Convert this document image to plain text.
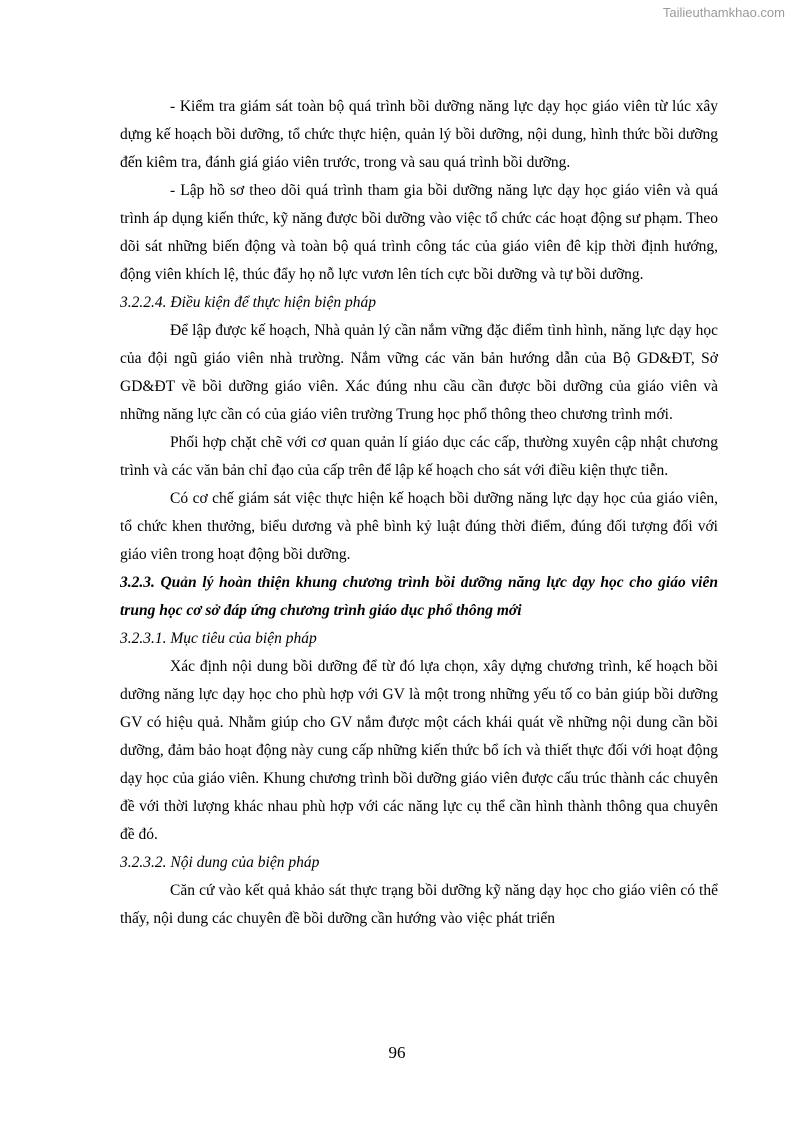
Tailieuthamkhao.com

- Kiểm tra giám sát toàn bộ quá trình bồi dưỡng năng lực dạy học giáo viên từ lúc xây dựng kế hoạch bồi dưỡng, tổ chức thực hiện, quản lý bồi dưỡng, nội dung, hình thức bồi dưỡng đến kiêm tra, đánh giá giáo viên trước, trong và sau quá trình bồi dưỡng.

- Lập hồ sơ theo dõi quá trình tham gia bồi dưỡng năng lực dạy học giáo viên và quá trình áp dụng kiến thức, kỹ năng được bồi dưỡng vào việc tổ chức các hoạt động sư phạm. Theo dõi sát những biến động và toàn bộ quá trình công tác của giáo viên đê kịp thời định hướng, động viên khích lệ, thúc đẩy họ nỗ lực vươn lên tích cực bồi dưỡng và tự bồi dưỡng.

3.2.2.4. Điều kiện để thực hiện biện pháp

Để lập được kế hoạch, Nhà quản lý cần nắm vững đặc điểm tình hình, năng lực dạy học của đội ngũ giáo viên nhà trường. Nắm vững các văn bản hướng dẫn của Bộ GD&ĐT, Sở GD&ĐT về bồi dưỡng giáo viên. Xác đúng nhu cầu cần được bồi dưỡng của giáo viên và những năng lực cần có của giáo viên trường Trung học phổ thông theo chương trình mới.

Phối hợp chặt chẽ với cơ quan quản lí giáo dục các cấp, thường xuyên cập nhật chương trình và các văn bản chỉ đạo của cấp trên để lập kế hoạch cho sát với điều kiện thực tiễn.

Có cơ chế giám sát việc thực hiện kế hoạch bồi dưỡng năng lực dạy học của giáo viên, tổ chức khen thưởng, biểu dương và phê bình kỷ luật đúng thời điểm, đúng đối tượng đối với giáo viên trong hoạt động bồi dưỡng.

3.2.3. Quản lý hoàn thiện khung chương trình bồi dưỡng năng lực dạy học cho giáo viên trung học cơ sở đáp ứng chương trình giáo dục phổ thông mới

3.2.3.1. Mục tiêu của biện pháp

Xác định nội dung bồi dưỡng để từ đó lựa chọn, xây dựng chương trình, kế hoạch bồi dưỡng năng lực dạy học cho phù hợp với GV là một trong những yếu tố co bản giúp bồi dưỡng GV có hiệu quả. Nhằm giúp cho GV nắm được một cách khái quát về những nội dung cần bồi dưỡng, đảm bảo hoạt động này cung cấp những kiến thức bổ ích và thiết thực đối với hoạt động dạy học của giáo viên. Khung chương trình bồi dưỡng giáo viên được cấu trúc thành các chuyên đề với thời lượng khác nhau phù hợp với các năng lực cụ thể cần hình thành thông qua chuyên đề đó.

3.2.3.2. Nội dung của biện pháp

Căn cứ vào kết quả khảo sát thực trạng bồi dưỡng kỹ năng dạy học cho giáo viên có thể thấy, nội dung các chuyên đề bồi dưỡng cần hướng vào việc phát triển

96
